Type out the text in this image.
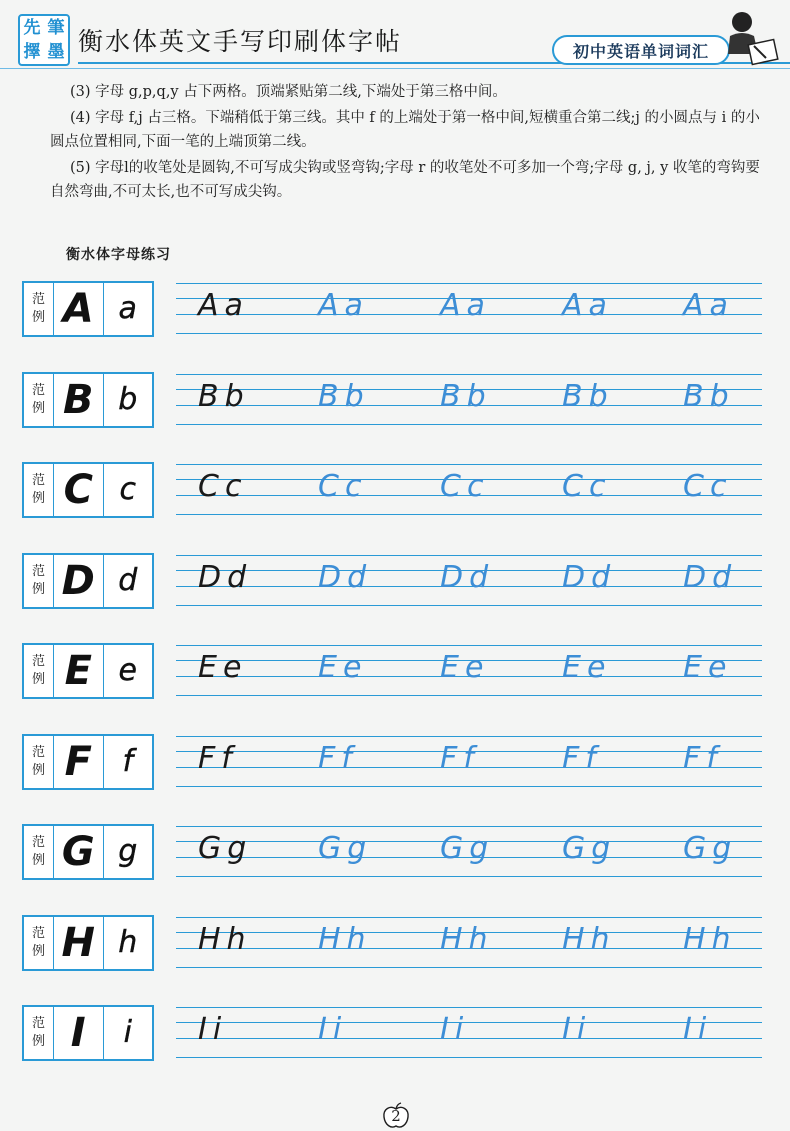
先 筆
擇 墨 衡水体英文手写印刷体字帖	初中英语单词词汇

(3) 字母 g,p,q,y 占下两格。顶端紧贴第二线,下端处于第三格中间。

(4) 字母 f,j 占三格。下端稍低于第三线。其中 f 的上端处于第一格中间,短横重合第二线;j 的小圆点与 i 的小圆点位置相同,下面一笔的上端顶第二线。

(5) 字母l的收笔处是圆钩,不可写成尖钩或竖弯钩;字母 r 的收笔处不可多加一个弯;字母 g, j, y 收笔的弯钩要自然弯曲,不可太长,也不可写成尖钩。

衡水体字母练习
范
例 A a Aa Aa Aa Aa Aa
范
例 B b Bb Bb Bb Bb Bb
范
例 C c Cc Cc Cc Cc Cc
范
例 D d Dd Dd Dd Dd Dd
范
例 E e Ee Ee Ee Ee Ee
范
例 F f Ff	Ff	Ff	Ff	Ff
范
例 G g Gg Gg Gg Gg Gg
范
例 H h Hh Hh Hh Hh Hh
范
例 I i Ii	Ii	Ii	Ii	Ii
2
